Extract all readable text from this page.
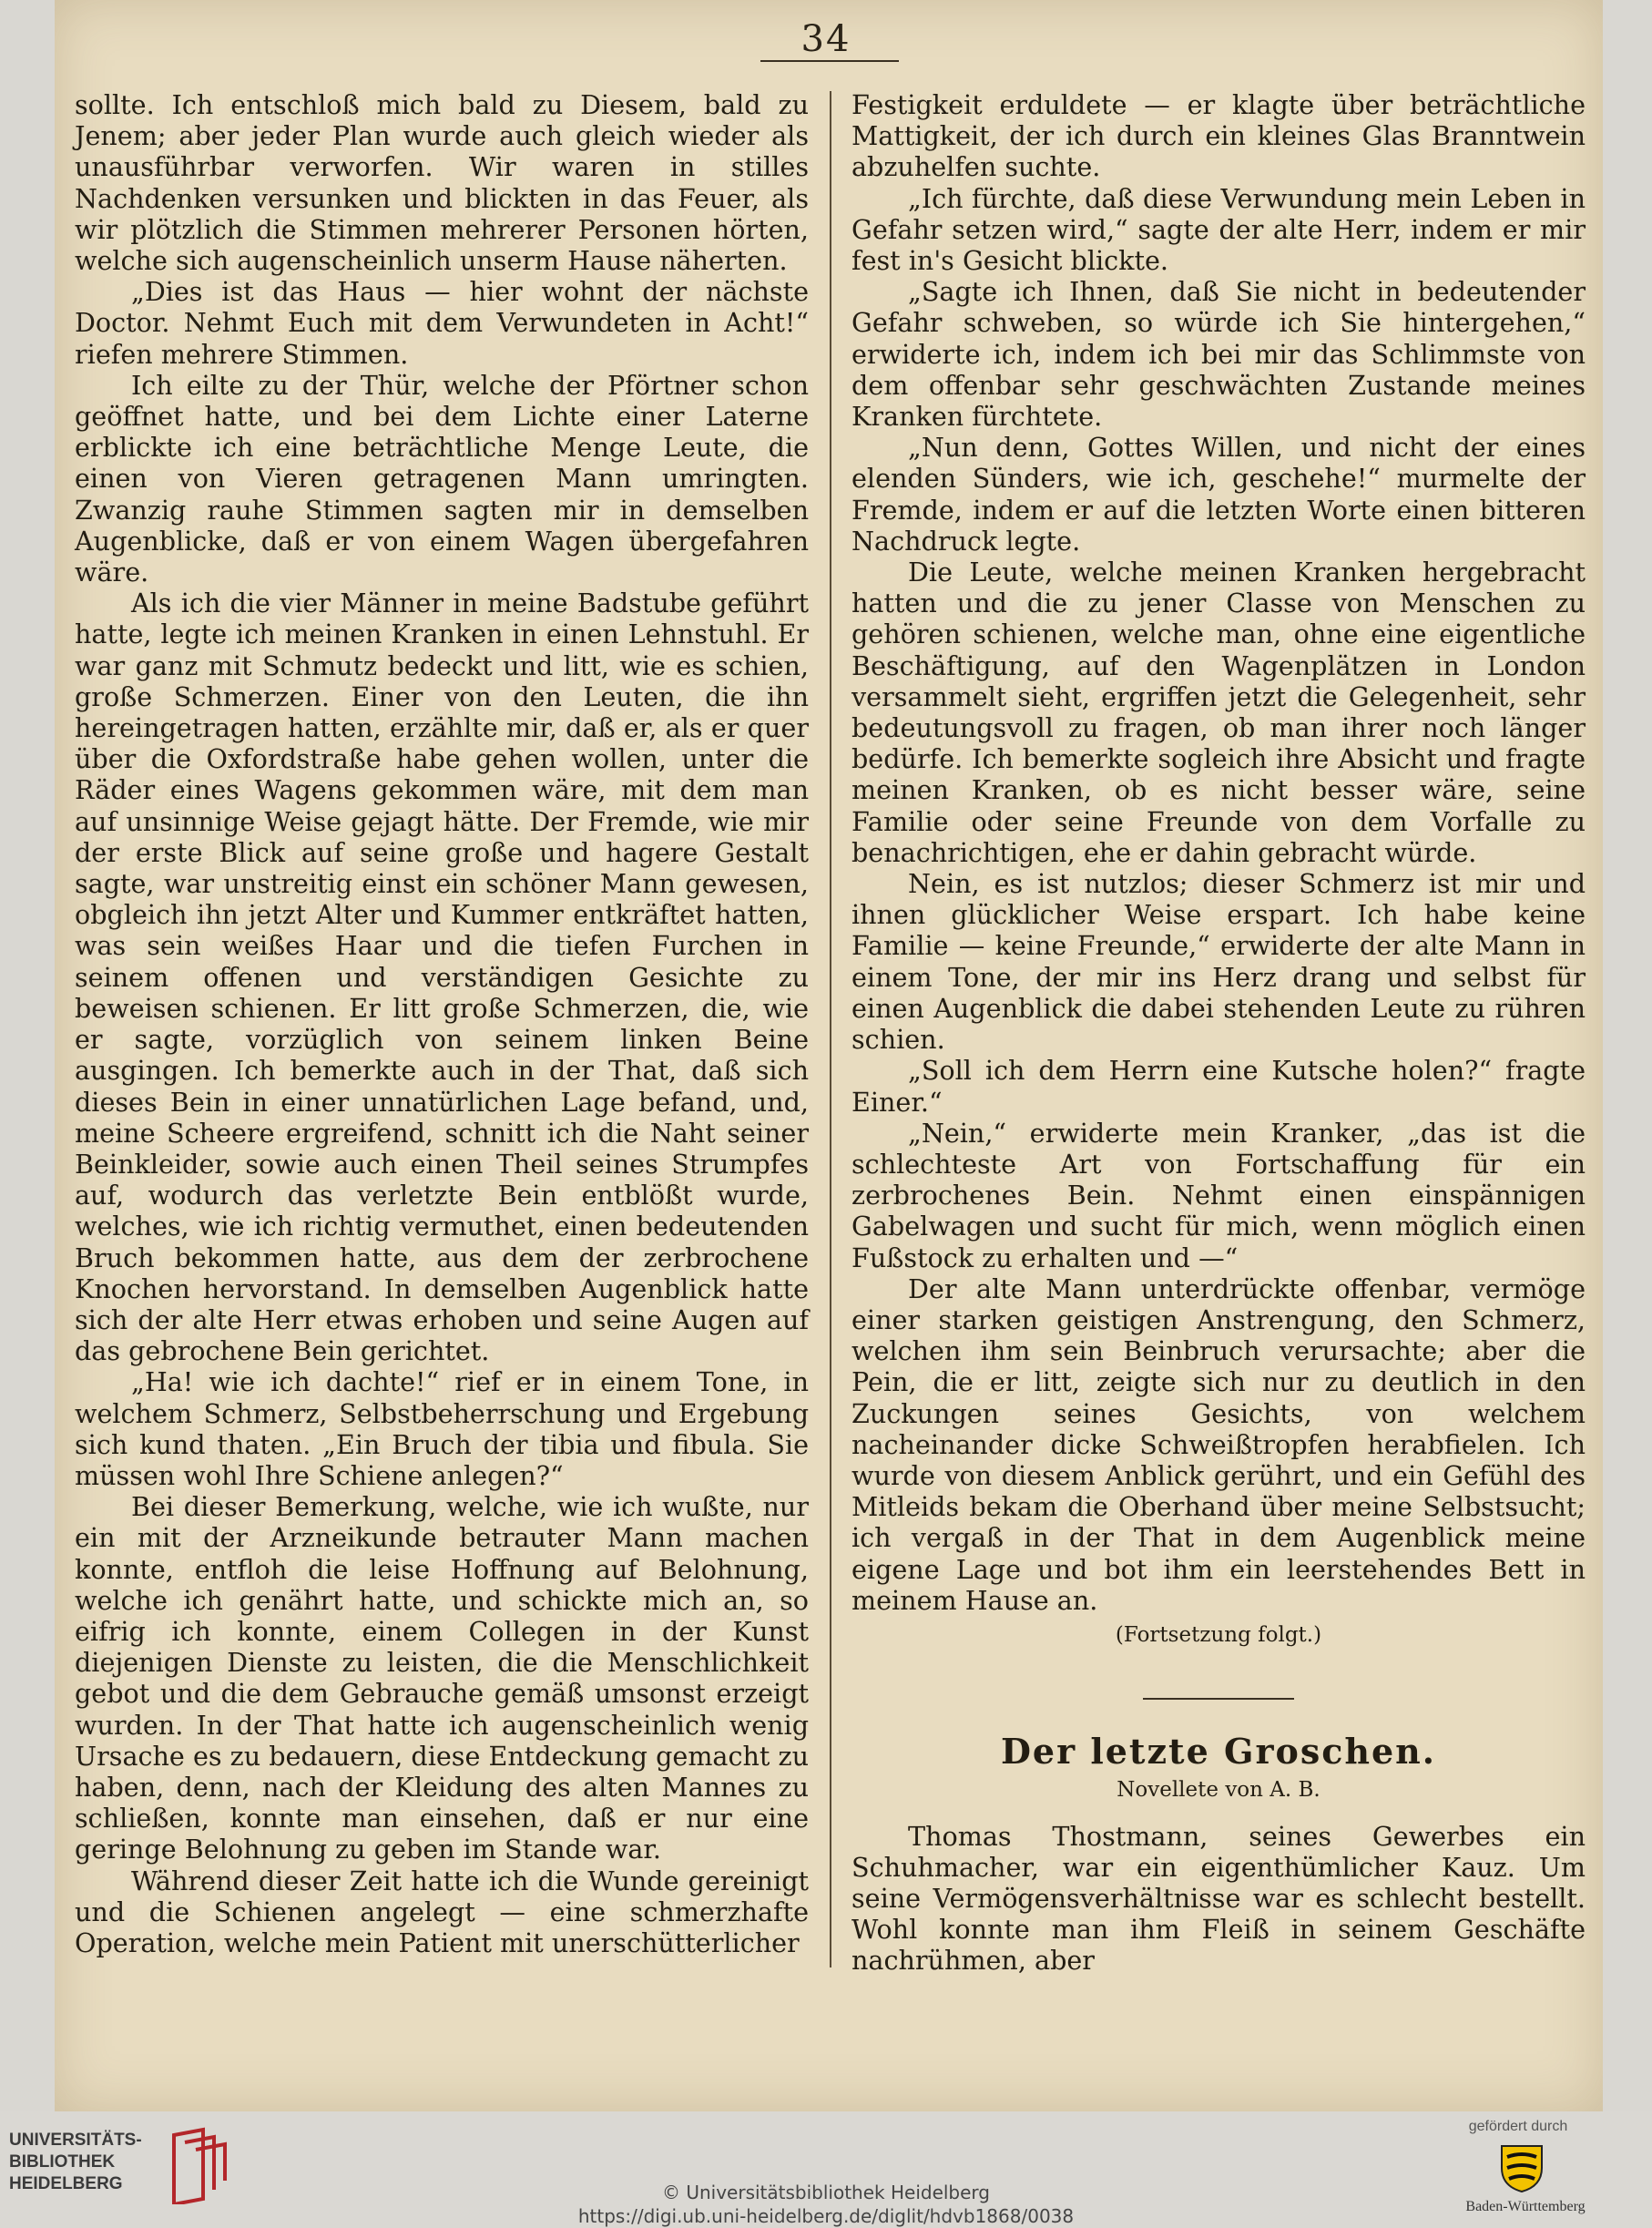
34

sollte. Ich entschloß mich bald zu Diesem, bald zu Jenem; aber jeder Plan wurde auch gleich wieder als unausführbar verworfen. Wir waren in stilles Nachdenken versunken und blickten in das Feuer, als wir plötzlich die Stimmen mehrerer Personen hörten, welche sich augenscheinlich unserm Hause näherten.

„Dies ist das Haus — hier wohnt der nächste Doctor. Nehmt Euch mit dem Verwundeten in Acht!“ riefen mehrere Stimmen.

Ich eilte zu der Thür, welche der Pförtner schon geöffnet hatte, und bei dem Lichte einer Laterne erblickte ich eine beträchtliche Menge Leute, die einen von Vieren getragenen Mann umringten. Zwanzig rauhe Stimmen sagten mir in demselben Augenblicke, daß er von einem Wagen übergefahren wäre.

Als ich die vier Männer in meine Badstube geführt hatte, legte ich meinen Kranken in einen Lehnstuhl. Er war ganz mit Schmutz bedeckt und litt, wie es schien, große Schmerzen. Einer von den Leuten, die ihn hereingetragen hatten, erzählte mir, daß er, als er quer über die Oxfordstraße habe gehen wollen, unter die Räder eines Wagens gekommen wäre, mit dem man auf unsinnige Weise gejagt hätte. Der Fremde, wie mir der erste Blick auf seine große und hagere Gestalt sagte, war unstreitig einst ein schöner Mann gewesen, obgleich ihn jetzt Alter und Kummer entkräftet hatten, was sein weißes Haar und die tiefen Furchen in seinem offenen und verständigen Gesichte zu beweisen schienen. Er litt große Schmerzen, die, wie er sagte, vorzüglich von seinem linken Beine ausgingen. Ich bemerkte auch in der That, daß sich dieses Bein in einer unnatürlichen Lage befand, und, meine Scheere ergreifend, schnitt ich die Naht seiner Beinkleider, sowie auch einen Theil seines Strumpfes auf, wodurch das verletzte Bein entblößt wurde, welches, wie ich richtig vermuthet, einen bedeutenden Bruch bekommen hatte, aus dem der zerbrochene Knochen hervorstand. In demselben Augenblick hatte sich der alte Herr etwas erhoben und seine Augen auf das gebrochene Bein gerichtet.

„Ha! wie ich dachte!“ rief er in einem Tone, in welchem Schmerz, Selbstbeherrschung und Ergebung sich kund thaten. „Ein Bruch der tibia und fibula. Sie müssen wohl Ihre Schiene anlegen?“

Bei dieser Bemerkung, welche, wie ich wußte, nur ein mit der Arzneikunde betrauter Mann machen konnte, entfloh die leise Hoffnung auf Belohnung, welche ich genährt hatte, und schickte mich an, so eifrig ich konnte, einem Collegen in der Kunst diejenigen Dienste zu leisten, die die Menschlichkeit gebot und die dem Gebrauche gemäß umsonst erzeigt wurden. In der That hatte ich augenscheinlich wenig Ursache es zu bedauern, diese Entdeckung gemacht zu haben, denn, nach der Kleidung des alten Mannes zu schließen, konnte man einsehen, daß er nur eine geringe Belohnung zu geben im Stande war.

Während dieser Zeit hatte ich die Wunde gereinigt und die Schienen angelegt — eine schmerzhafte Operation, welche mein Patient mit unerschütterlicher

Festigkeit erduldete — er klagte über beträchtliche Mattigkeit, der ich durch ein kleines Glas Branntwein abzuhelfen suchte.

„Ich fürchte, daß diese Verwundung mein Leben in Gefahr setzen wird,“ sagte der alte Herr, indem er mir fest in's Gesicht blickte.

„Sagte ich Ihnen, daß Sie nicht in bedeutender Gefahr schweben, so würde ich Sie hintergehen,“ erwiderte ich, indem ich bei mir das Schlimmste von dem offenbar sehr geschwächten Zustande meines Kranken fürchtete.

„Nun denn, Gottes Willen, und nicht der eines elenden Sünders, wie ich, geschehe!“ murmelte der Fremde, indem er auf die letzten Worte einen bitteren Nachdruck legte.

Die Leute, welche meinen Kranken hergebracht hatten und die zu jener Classe von Menschen zu gehören schienen, welche man, ohne eine eigentliche Beschäftigung, auf den Wagenplätzen in London versammelt sieht, ergriffen jetzt die Gelegenheit, sehr bedeutungsvoll zu fragen, ob man ihrer noch länger bedürfe. Ich bemerkte sogleich ihre Absicht und fragte meinen Kranken, ob es nicht besser wäre, seine Familie oder seine Freunde von dem Vorfalle zu benachrichtigen, ehe er dahin gebracht würde.

Nein, es ist nutzlos; dieser Schmerz ist mir und ihnen glücklicher Weise erspart. Ich habe keine Familie — keine Freunde,“ erwiderte der alte Mann in einem Tone, der mir ins Herz drang und selbst für einen Augenblick die dabei stehenden Leute zu rühren schien.

„Soll ich dem Herrn eine Kutsche holen?“ fragte Einer.“

„Nein,“ erwiderte mein Kranker, „das ist die schlechteste Art von Fortschaffung für ein zerbrochenes Bein. Nehmt einen einspännigen Gabelwagen und sucht für mich, wenn möglich einen Fußstock zu erhalten und —“

Der alte Mann unterdrückte offenbar, vermöge einer starken geistigen Anstrengung, den Schmerz, welchen ihm sein Beinbruch verursachte; aber die Pein, die er litt, zeigte sich nur zu deutlich in den Zuckungen seines Gesichts, von welchem nacheinander dicke Schweißtropfen herabfielen. Ich wurde von diesem Anblick gerührt, und ein Gefühl des Mitleids bekam die Oberhand über meine Selbstsucht; ich vergaß in der That in dem Augenblick meine eigene Lage und bot ihm ein leerstehendes Bett in meinem Hause an.

(Fortsetzung folgt.)
Der letzte Groschen.
Novellete von A. B.

Thomas Thostmann, seines Gewerbes ein Schuhmacher, war ein eigenthümlicher Kauz. Um seine Vermögensverhältnisse war es schlecht bestellt. Wohl konnte man ihm Fleiß in seinem Geschäfte nachrühmen, aber

UNIVERSITÄTS-
BIBLIOTHEK
HEIDELBERG	© Universitätsbibliothek Heidelberg
https://digi.ub.uni-heidelberg.de/diglit/hdvb1868/0038
gefördert durch
Baden-Württemberg
